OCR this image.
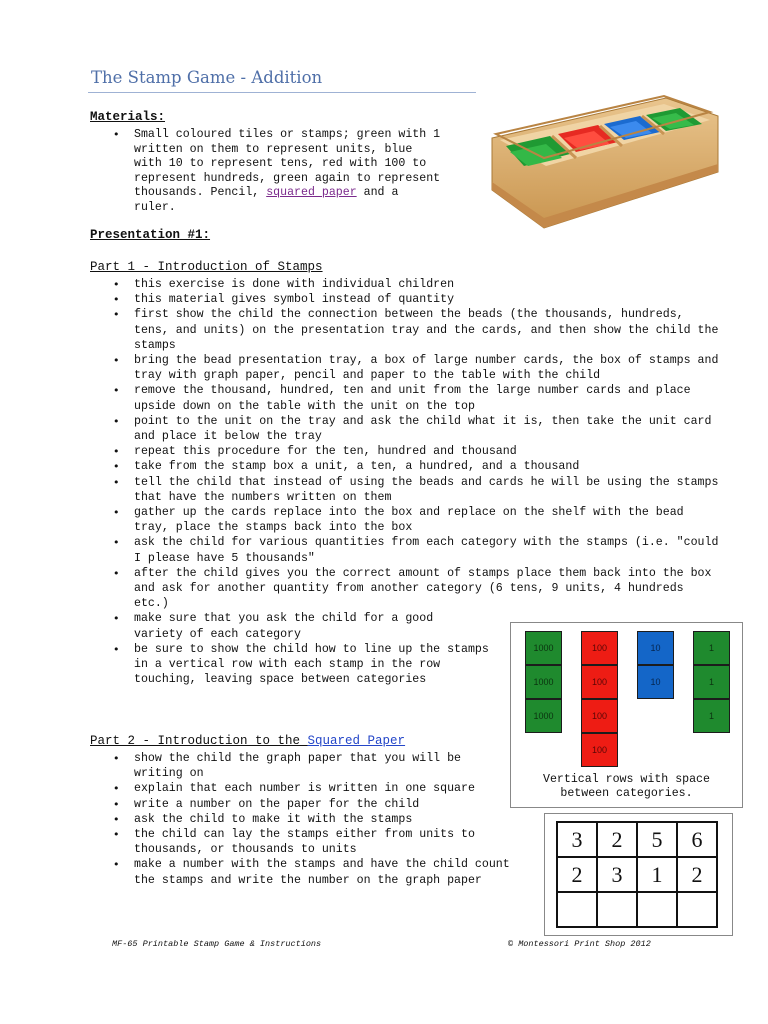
The Stamp Game - Addition
Materials:
• Small coloured tiles or stamps; green with 1
written on them to represent units, blue
with 10 to represent tens, red with 100 to
represent hundreds, green again to represent
thousands. Pencil, squared paper and a
ruler.
Presentation #1:
Part 1 - Introduction of Stamps
• this exercise is done with individual children
• this material gives symbol instead of quantity
• first show the child the connection between the beads (the thousands, hundreds, tens, and units) on the presentation tray and the cards, and then show the child the stamps
• bring the bead presentation tray, a box of large number cards, the box of stamps and tray with graph paper, pencil and paper to the table with the child
• remove the thousand, hundred, ten and unit from the large number cards and place upside down on the table with the unit on the top
• point to the unit on the tray and ask the child what it is, then take the unit card and place it below the tray
• repeat this procedure for the ten, hundred and thousand
• take from the stamp box a unit, a ten, a hundred, and a thousand
• tell the child that instead of using the beads and cards he will be using the stamps that have the numbers written on them
• gather up the cards replace into the box and replace on the shelf with the bead tray, place the stamps back into the box
• ask the child for various quantities from each category with the stamps (i.e. "could I please have 5 thousands"
• after the child gives you the correct amount of stamps place them back into the box and ask for another quantity from another category (6 tens, 9 units, 4 hundreds etc.)
• make sure that you ask the child for a good variety of each category
• be sure to show the child how to line up the stamps in a vertical row with each stamp in the row touching, leaving space between categories
1000
1000
1000
100
100
100
100
10
10
1
1
1
Vertical rows with space
between categories.
Part 2 - Introduction to the Squared Paper
• show the child the graph paper that you will be writing on
• explain that each number is written in one square
• write a number on the paper for the child
• ask the child to make it with the stamps
• the child can lay the stamps either from units to thousands, or thousands to units
• make a number with the stamps and have the child count the stamps and write the number on the graph paper
3	2	5	6
2	3	1	2

MF-65 Printable Stamp Game & Instructions	© Montessori Print Shop 2012
